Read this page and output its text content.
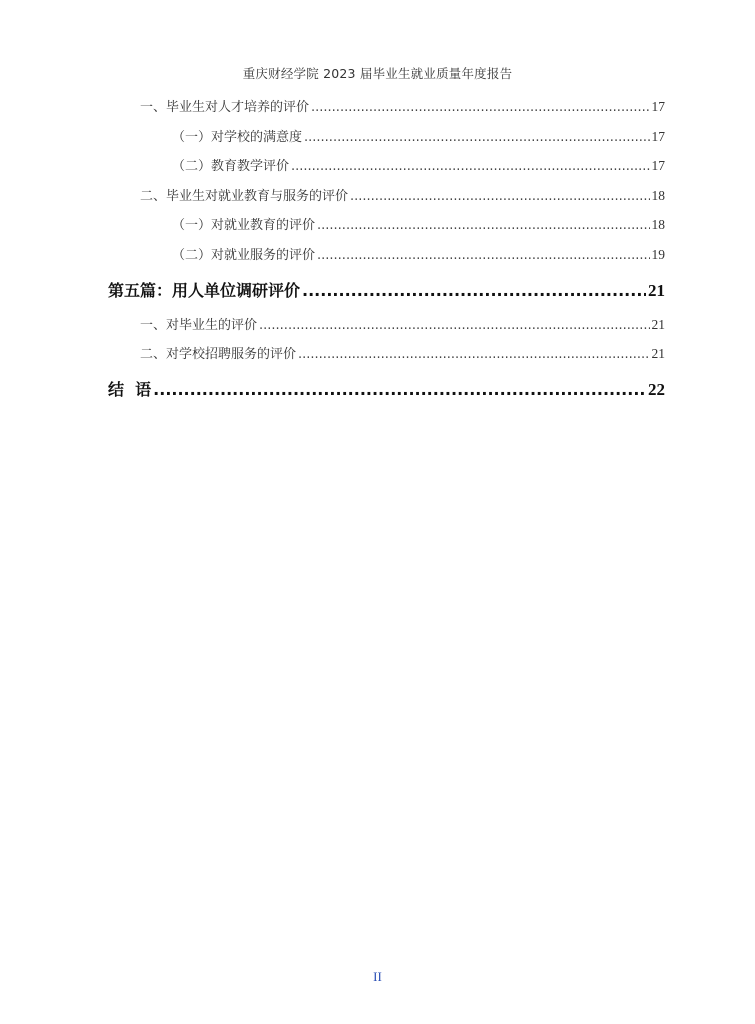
重庆财经学院 2023 届毕业生就业质量年度报告
一、毕业生对人才培养的评价 .....	17
（一）对学校的满意度 .....	17
（二）教育教学评价 .....	17
二、毕业生对就业教育与服务的评价 .....	18
（一）对就业教育的评价 .....	18
（二）对就业服务的评价 .....	19
第五篇：用人单位调研评价 .....	21
一、对毕业生的评价 .....	21
二、对学校招聘服务的评价 .....	21
结  语 .....	22
II
